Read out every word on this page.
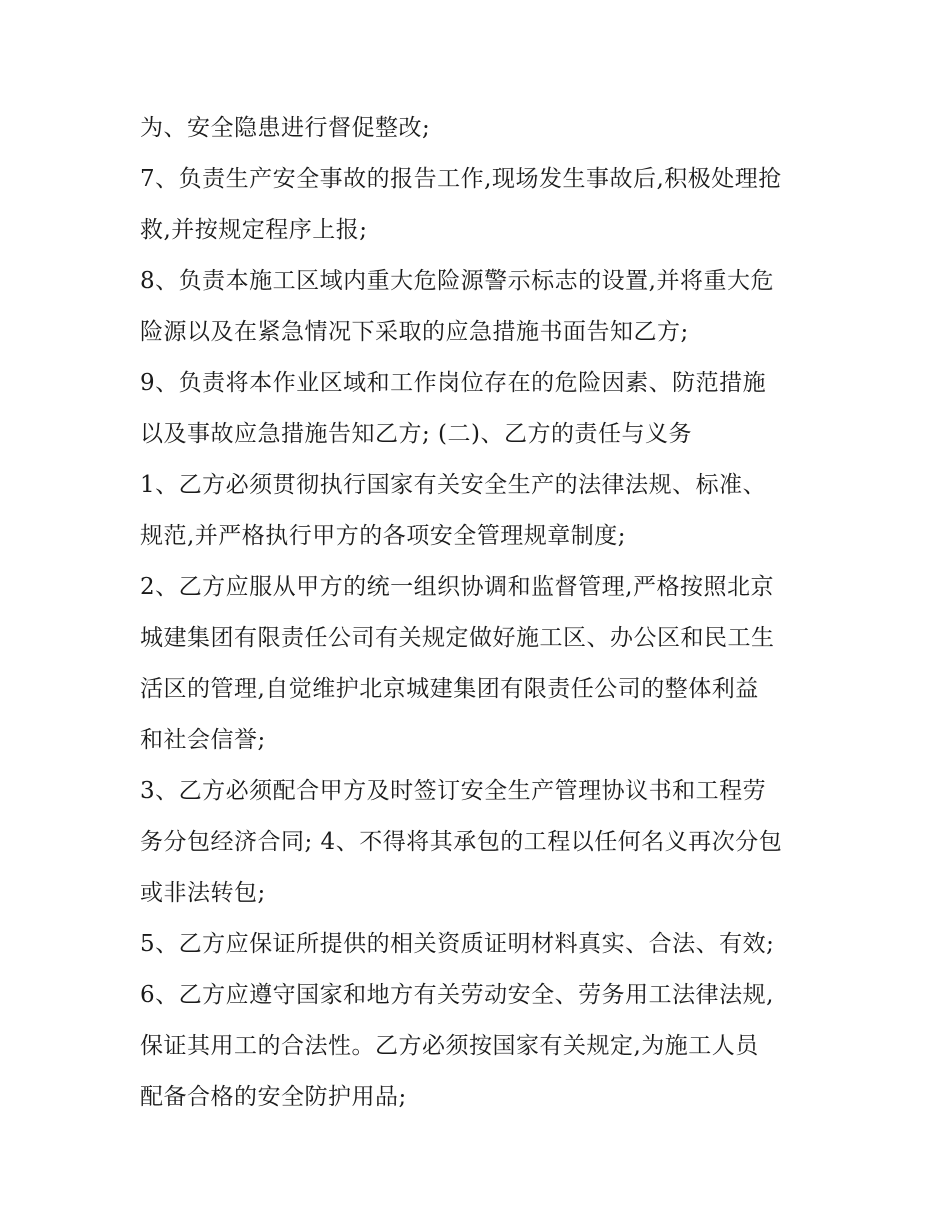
为、安全隐患进行督促整改;
7、负责生产安全事故的报告工作,现场发生事故后,积极处理抢
救,并按规定程序上报;
8、负责本施工区域内重大危险源警示标志的设置,并将重大危
险源以及在紧急情况下采取的应急措施书面告知乙方;
9、负责将本作业区域和工作岗位存在的危险因素、防范措施
以及事故应急措施告知乙方; (二)、乙方的责任与义务
1、乙方必须贯彻执行国家有关安全生产的法律法规、标准、
规范,并严格执行甲方的各项安全管理规章制度;
2、乙方应服从甲方的统一组织协调和监督管理,严格按照北京
城建集团有限责任公司有关规定做好施工区、办公区和民工生
活区的管理,自觉维护北京城建集团有限责任公司的整体利益
和社会信誉;
3、乙方必须配合甲方及时签订安全生产管理协议书和工程劳
务分包经济合同; 4、不得将其承包的工程以任何名义再次分包
或非法转包;
5、乙方应保证所提供的相关资质证明材料真实、合法、有效;
6、乙方应遵守国家和地方有关劳动安全、劳务用工法律法规,
保证其用工的合法性。乙方必须按国家有关规定,为施工人员
配备合格的安全防护用品;
